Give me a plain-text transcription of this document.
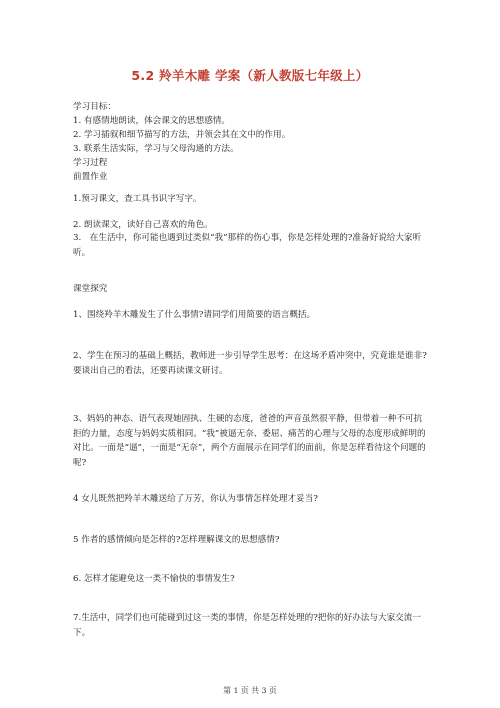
5.2 羚羊木雕 学案（新人教版七年级上）
学习目标：
1. 有感情地朗读，体会课文的思想感情。
2. 学习插叙和细节描写的方法，并领会其在文中的作用。
3. 联系生活实际，学习与父母沟通的方法。
学习过程
前置作业
1.预习课文，查工具书识字写字。
2. 朗读课文，读好自己喜欢的角色。
3.　在生活中，你可能也遇到过类似“我”那样的伤心事，你是怎样处理的?准备好说给大家听听。
课堂探究
1、围绕羚羊木雕发生了什么事情?请同学们用简要的语言概括。
2、学生在预习的基础上概括，教师进一步引导学生思考：在这场矛盾冲突中，究竟谁是谁非?要谈出自己的看法，还要再读课文研讨。
3、妈妈的神态、语气表现她固执、生硬的态度，爸爸的声音虽然很平静，但带着一种不可抗拒的力量，态度与妈妈实质相同。“我”被逼无奈、委屈、痛苦的心理与父母的态度形成鲜明的对比。一面是“逼”，一面是“无奈”，两个方面展示在同学们的面前，你是怎样看待这个问题的呢?
4 女儿既然把羚羊木雕送给了万芳，你认为事情怎样处理才妥当?
5 作者的感情倾向是怎样的?怎样理解课文的思想感情?
6. 怎样才能避免这一类不愉快的事情发生?
7.生活中，同学们也可能碰到过这一类的事情，你是怎样处理的?把你的好办法与大家交流一下。
第 1 页 共 3 页
